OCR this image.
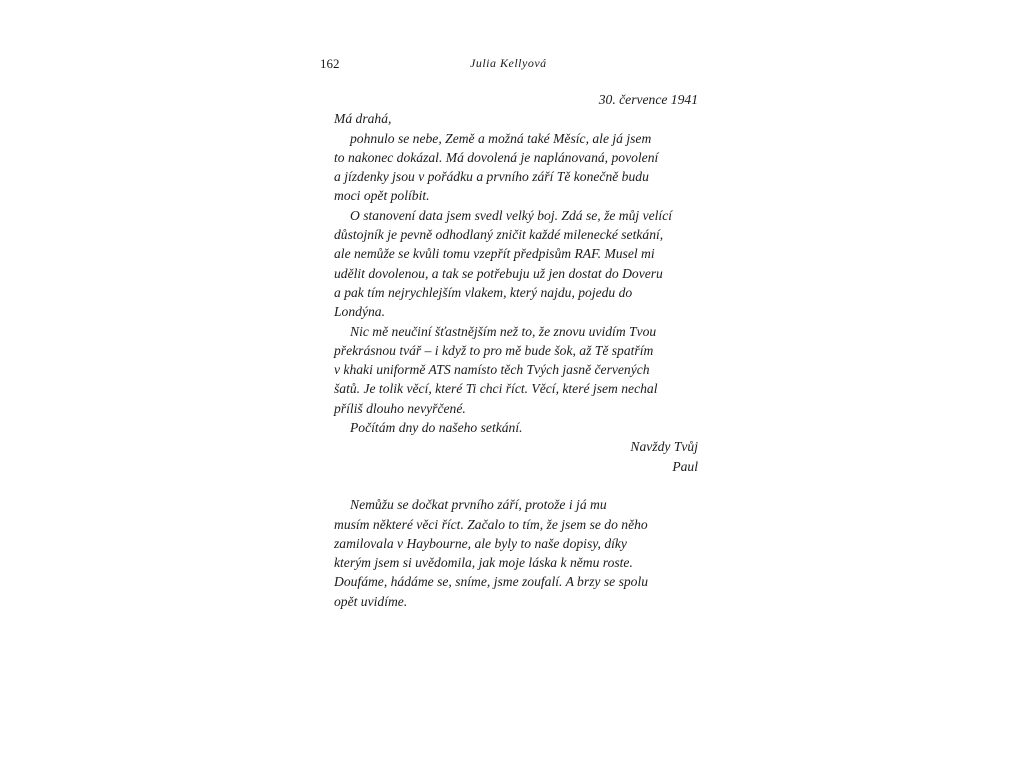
162	Julia Kellyová
30. července 1941
Má drahá,

pohnulo se nebe, Země a možná také Měsíc, ale já jsem
to nakonec dokázal. Má dovolená je naplánovaná, povolení
a jízdenky jsou v pořádku a prvního září Tě konečně budu
moci opět políbit.

O stanovení data jsem svedl velký boj. Zdá se, že můj velící
důstojník je pevně odhodlaný zničit každé milenecké setkání,
ale nemůže se kvůli tomu vzepřít předpisům RAF. Musel mi
udělit dovolenou, a tak se potřebuju už jen dostat do Doveru
a pak tím nejrychlejším vlakem, který najdu, pojedu do
Londýna.

Nic mě neučiní šťastnějším než to, že znovu uvidím Tvou
překrásnou tvář – i když to pro mě bude šok, až Tě spatřím
v khaki uniformě ATS namísto těch Tvých jasně červených
šatů. Je tolik věcí, které Ti chci říct. Věcí, které jsem nechal
příliš dlouho nevyřčené.

Počítám dny do našeho setkání.

Navždy Tvůj
Paul

Nemůžu se dočkat prvního září, protože i já mu
musím některé věci říct. Začalo to tím, že jsem se do něho
zamilovala v Haybourne, ale byly to naše dopisy, díky
kterým jsem si uvědomila, jak moje láska k němu roste.
Doufáme, hádáme se, sníme, jsme zoufalí. A brzy se spolu
opět uvidíme.
